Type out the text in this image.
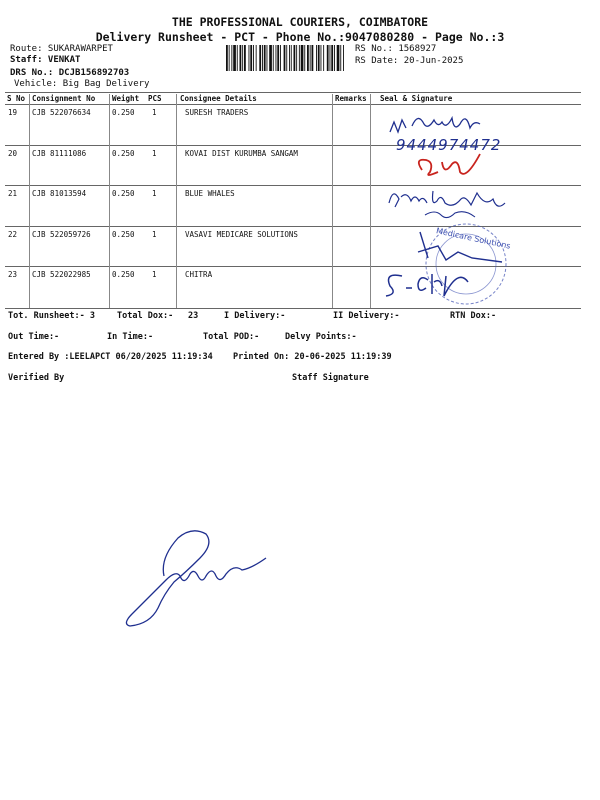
THE PROFESSIONAL COURIERS, COIMBATORE
Delivery Runsheet - PCT - Phone No.:9047080280 - Page No.:3
Route: SUKARAWARPET
Staff: VENKAT
DRS No.: DCJB156892703
Vehicle: Big Bag Delivery
RS No.: 1568927
RS Date: 20-Jun-2025
S No Consignment No Weight PCS Consignee Details	Remarks Seal & Signature
19 CJB 522076634	0.250 1	SURESH TRADERS
20 CJB 81111086	0.250 1	KOVAI DIST KURUMBA SANGAM
21 CJB 81013594	0.250 1	BLUE WHALES
22 CJB 522059726	0.250 1	VASAVI MEDICARE SOLUTIONS
23 CJB 522022985	0.250 1	CHITRA
9444974472
Medicare Solutions
Tot. Runsheet:- 3	Total Dox:- 23	I Delivery:-	II Delivery:-	RTN Dox:-
Out Time:-	In Time:-	Total POD:-	Delvy Points:-
Entered By :LEELAPCT 06/20/2025 11:19:34 Printed On: 20-06-2025 11:19:39
Verified By	Staff Signature
